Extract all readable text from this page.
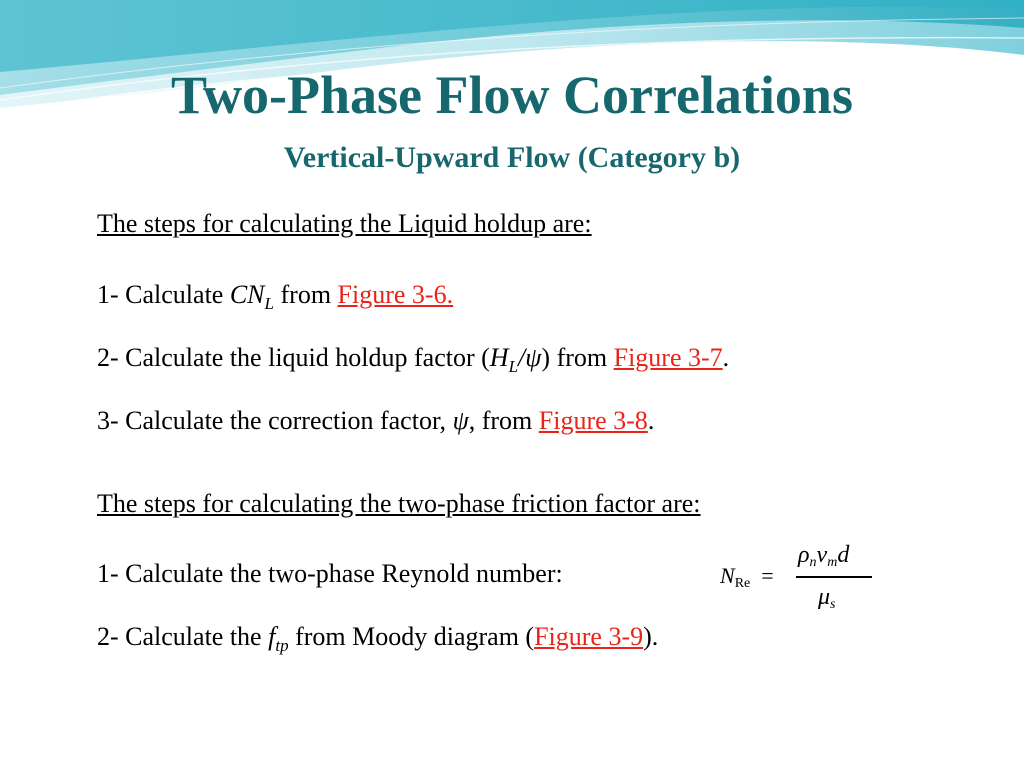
Two-Phase Flow Correlations
Vertical-Upward Flow (Category b)
The steps for calculating the Liquid holdup are:
1- Calculate $CN_L$ from Figure 3-6.
2- Calculate the liquid holdup factor $(H_L/\psi)$ from Figure 3-7.
3- Calculate the correction factor, ψ, from Figure 3-8.
The steps for calculating the two-phase friction factor are:
1- Calculate the two-phase Reynold number:	$N_{Re}$ =
$\rho_nv_md$
$\mu_s$
2- Calculate the $f_{tp}$ from Moody diagram (Figure 3-9).
